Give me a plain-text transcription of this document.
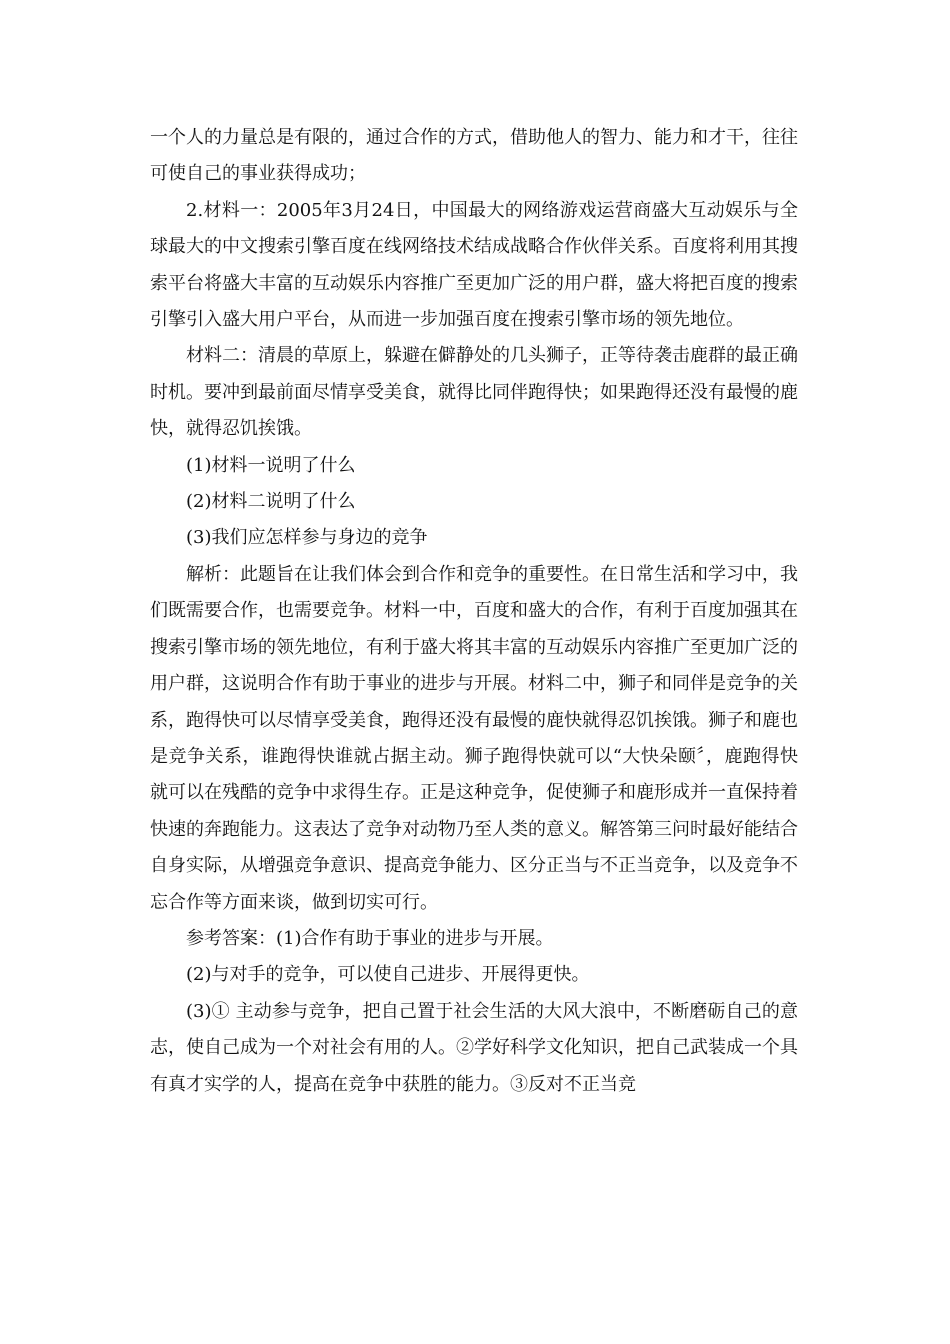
一个人的力量总是有限的，通过合作的方式，借助他人的智力、能力和才干，往往可使自己的事业获得成功；

2.材料一：2005年3月24日，中国最大的网络游戏运营商盛大互动娱乐与全球最大的中文搜索引擎百度在线网络技术结成战略合作伙伴关系。百度将利用其搜索平台将盛大丰富的互动娱乐内容推广至更加广泛的用户群，盛大将把百度的搜索引擎引入盛大用户平台，从而进一步加强百度在搜索引擎市场的领先地位。

材料二：清晨的草原上，躲避在僻静处的几头狮子，正等待袭击鹿群的最正确时机。要冲到最前面尽情享受美食，就得比同伴跑得快；如果跑得还没有最慢的鹿快，就得忍饥挨饿。

(1)材料一说明了什么

(2)材料二说明了什么

(3)我们应怎样参与身边的竞争

解析：此题旨在让我们体会到合作和竞争的重要性。在日常生活和学习中，我们既需要合作，也需要竞争。材料一中，百度和盛大的合作，有利于百度加强其在搜索引擎市场的领先地位，有利于盛大将其丰富的互动娱乐内容推广至更加广泛的用户群，这说明合作有助于事业的进步与开展。材料二中，狮子和同伴是竞争的关系，跑得快可以尽情享受美食，跑得还没有最慢的鹿快就得忍饥挨饿。狮子和鹿也是竞争关系，谁跑得快谁就占据主动。狮子跑得快就可以“大快朵颐〞，鹿跑得快就可以在残酷的竞争中求得生存。正是这种竞争，促使狮子和鹿形成并一直保持着快速的奔跑能力。这表达了竞争对动物乃至人类的意义。解答第三问时最好能结合自身实际，从增强竞争意识、提高竞争能力、区分正当与不正当竞争，以及竞争不忘合作等方面来谈，做到切实可行。

参考答案：(1)合作有助于事业的进步与开展。

(2)与对手的竞争，可以使自己进步、开展得更快。

(3)① 主动参与竞争，把自己置于社会生活的大风大浪中，不断磨砺自己的意志，使自己成为一个对社会有用的人。②学好科学文化知识，把自己武装成一个具有真才实学的人，提高在竞争中获胜的能力。③反对不正当竞
